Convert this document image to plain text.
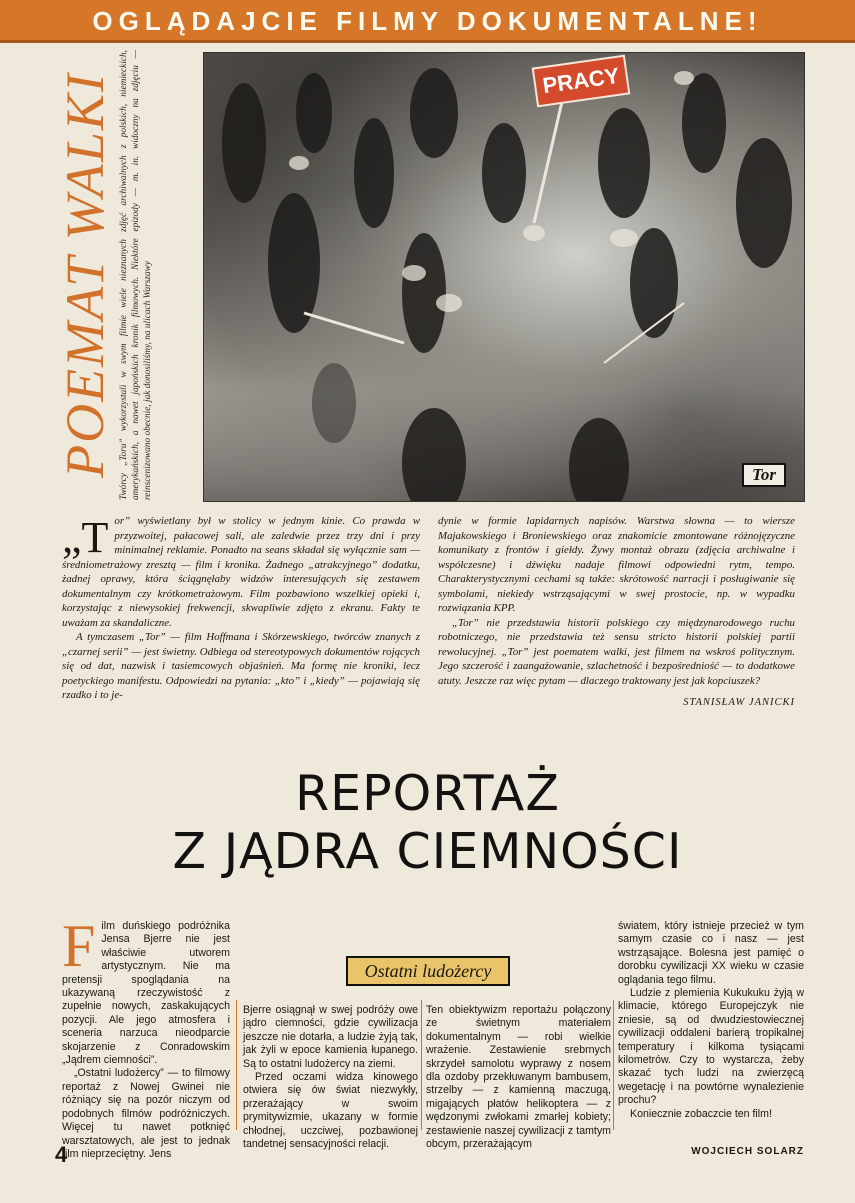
OGLĄDAJCIE FILMY DOKUMENTALNE!
POEMAT WALKI Twórcy „Toru” wykorzystali w swym filmie wiele nieznanych zdjęć archiwalnych z polskich, niemieckich, amerykańskich, a nawet japońskich kronik filmowych. Niektóre epizody — m. in. widoczny na zdjęciu — reinscenizowano obecnie, jak donosiliśmy, na ulicach Warszawy
PRACY
Tor
„T or” wyświetlany był w stolicy w jednym kinie. Co prawda w przyzwoitej, pałacowej sali, ale zaledwie przez trzy dni i przy minimalnej reklamie. Ponadto na seans składał się wyłącznie sam — średniometrażowy zresztą — film i kronika. Żadnego „atrakcyjnego” dodatku, żadnej oprawy, która ściągnęłaby widzów interesujących się zestawem dokumentalnym czy krótkometrażowym. Film pozbawiono wszelkiej opieki i, korzystając z niewysokiej frekwencji, skwapliwie zdjęto z ekranu. Fakty te uważam za skandaliczne.

A tymczasem „Tor” — film Hoffmana i Skórzewskiego, twórców znanych z „czarnej serii” — jest świetny. Odbiega od stereotypowych dokumentów rojących się od dat, nazwisk i tasiemcowych objaśnień. Ma formę nie kroniki, lecz poetyckiego manifestu. Odpowiedzi na pytania: „kto” i „kiedy” — pojawiają się rzadko i to je-

dynie w formie lapidarnych napisów. Warstwa słowna — to wiersze Majakowskiego i Broniewskiego oraz znakomicie zmontowane różnojęzyczne komunikaty z frontów i giełdy. Żywy montaż obrazu (zdjęcia archiwalne i współczesne) i dźwięku nadaje filmowi odpowiedni rytm, tempo. Charakterystycznymi cechami są także: skrótowość narracji i posługiwanie się symbolami, niekiedy wstrząsającymi w swej prostocie, np. w wypadku rozwiązania KPP.

„Tor” nie przedstawia historii polskiego czy międzynarodowego ruchu robotniczego, nie przedstawia też sensu stricto historii polskiej partii rewolucyjnej. „Tor” jest poematem walki, jest filmem na wskroś politycznym. Jego szczerość i zaangażowanie, szlachetność i bezpośredniość — to dodatkowe atuty. Jeszcze raz więc pytam — dlaczego traktowany jest jak kopciuszek?

STANISŁAW JANICKI

REPORTAŻ
Z JĄDRA CIEMNOŚCI
Ostatni ludożercy
F ilm duńskiego podróżnika Jensa Bjerre nie jest właściwie utworem artystycznym. Nie ma pretensji spoglądania na ukazywaną rzeczywistość z zupełnie nowych, zaskakujących pozycji. Ale jego atmosfera i sceneria narzuca nieodparcie skojarzenie z Conradowskim „Jądrem ciemności”.

„Ostatni ludożercy” — to filmowy reportaż z Nowej Gwinei nie różniący się na pozór niczym od podobnych filmów podróżniczych. Więcej tu nawet potknięć warsztatowych, ale jest to jednak film nieprzeciętny. Jens

Bjerre osiągnął w swej podróży owe jądro ciemności, gdzie cywilizacja jeszcze nie dotarła, a ludzie żyją tak, jak żyli w epoce kamienia łupanego. Są to ostatni ludożercy na ziemi.

Przed oczami widza kinowego otwiera się ów świat niezwykły, przerażający w swoim prymitywizmie, ukazany w formie chłodnej, uczciwej, pozbawionej tandetnej sensacyjności relacji.

Ten obiektywizm reportażu połączony ze świetnym materiałem dokumentalnym — robi wielkie wrażenie. Zestawienie srebrnych skrzydeł samolotu wyprawy z nosem dla ozdoby przekłuwanym bambusem, strzelby — z kamienną maczugą, migających płatów helikoptera — z wędzonymi zwłokami zmarłej kobiety; zestawienie naszej cywilizacji z tamtym obcym, przerażającym

światem, który istnieje przecież w tym samym czasie co i nasz — jest wstrząsające. Bolesna jest pamięć o dorobku cywilizacji XX wieku w czasie oglądania tego filmu.

Ludzie z plemienia Kukukuku żyją w klimacie, którego Europejczyk nie zniesie, są od dwudziestowiecznej cywilizacji oddaleni barierą tropikalnej temperatury i kilkoma tysiącami kilometrów. Czy to wystarcza, żeby skazać tych ludzi na zwierzęcą wegetację i na powtórne wynalezienie prochu?

Koniecznie zobaczcie ten film!

WOJCIECH SOLARZ
4
